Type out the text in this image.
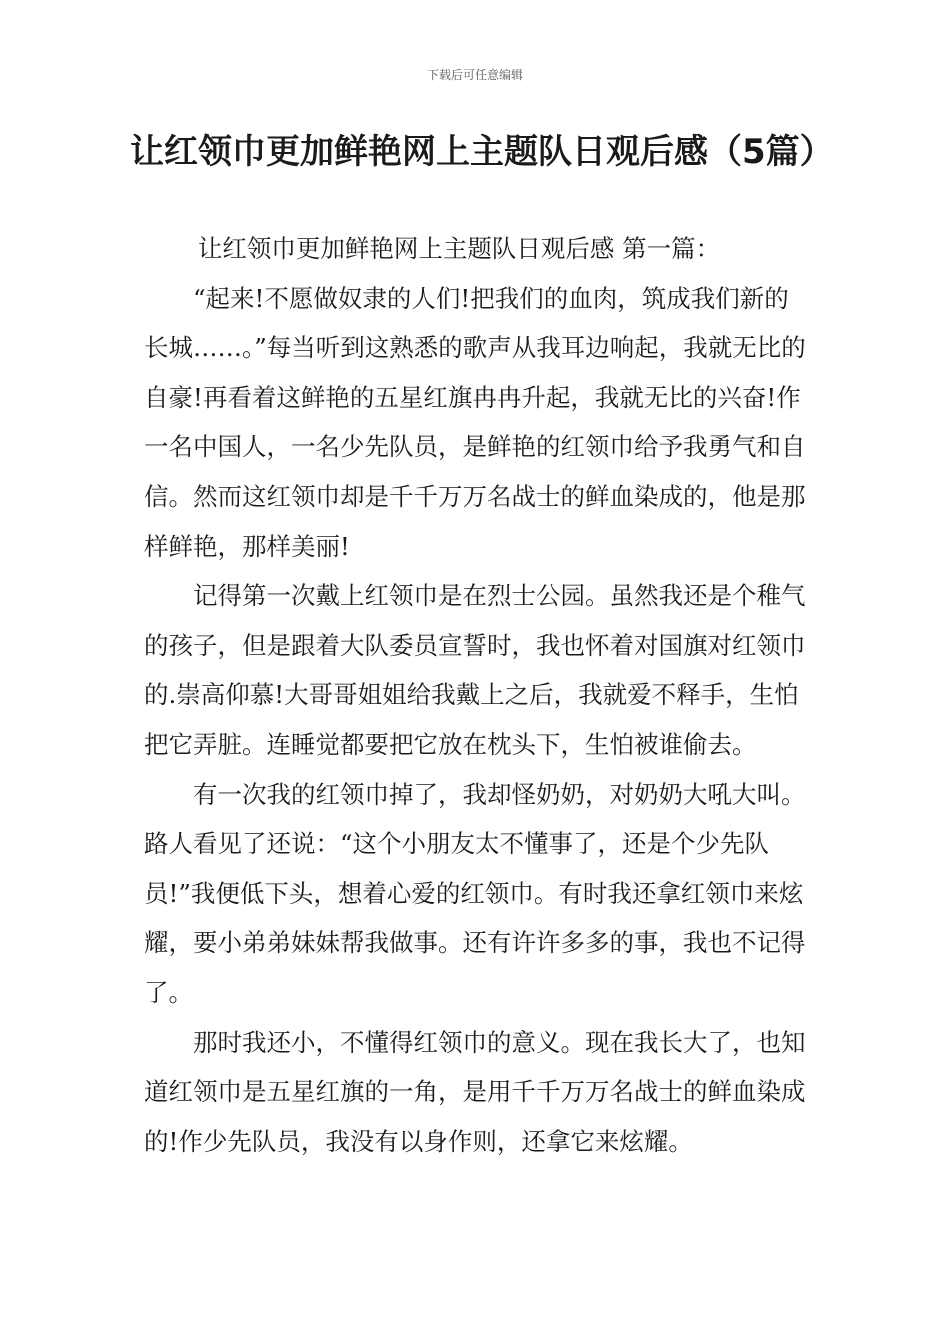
下载后可任意编辑
让红领巾更加鲜艳网上主题队日观后感（5篇）

让红领巾更加鲜艳网上主题队日观后感 第一篇：

“起来!不愿做奴隶的人们!把我们的血肉，筑成我们新的长城……。”每当听到这熟悉的歌声从我耳边响起，我就无比的自豪!再看着这鲜艳的五星红旗冉冉升起，我就无比的兴奋!作一名中国人，一名少先队员，是鲜艳的红领巾给予我勇气和自信。然而这红领巾却是千千万万名战士的鲜血染成的，他是那样鲜艳，那样美丽!

记得第一次戴上红领巾是在烈士公园。虽然我还是个稚气的孩子，但是跟着大队委员宣誓时，我也怀着对国旗对红领巾的.崇高仰慕!大哥哥姐姐给我戴上之后，我就爱不释手，生怕把它弄脏。连睡觉都要把它放在枕头下，生怕被谁偷去。

有一次我的红领巾掉了，我却怪奶奶，对奶奶大吼大叫。路人看见了还说：“这个小朋友太不懂事了，还是个少先队员!”我便低下头，想着心爱的红领巾。有时我还拿红领巾来炫耀，要小弟弟妹妹帮我做事。还有许许多多的事，我也不记得了。

那时我还小，不懂得红领巾的意义。现在我长大了，也知道红领巾是五星红旗的一角，是用千千万万名战士的鲜血染成的!作少先队员，我没有以身作则，还拿它来炫耀。
